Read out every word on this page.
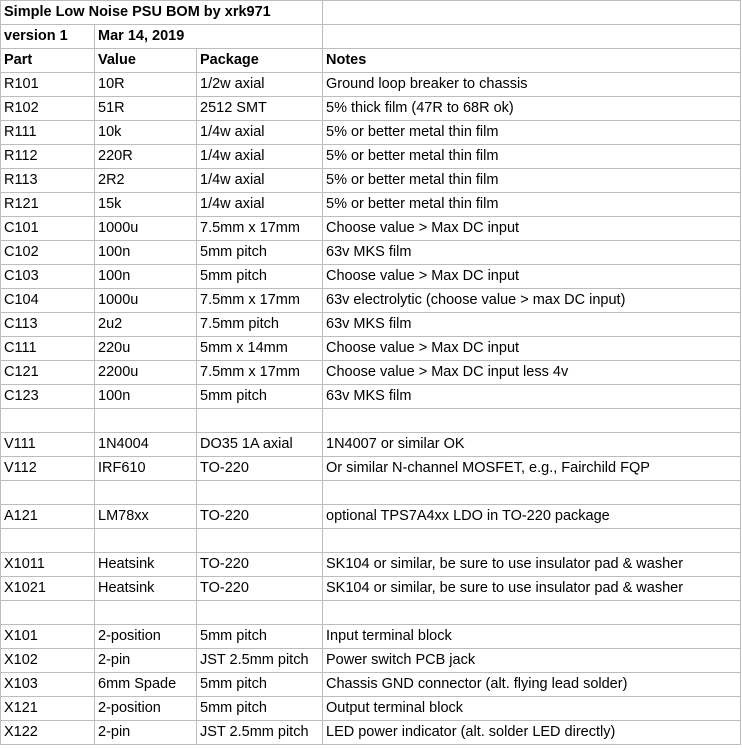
Simple Low Noise PSU BOM by xrk971			
version 1	Mar 14, 2019		
Part	Value	Package	Notes
R101	10R	1/2w axial	Ground loop breaker to chassis
R102	51R	2512 SMT	5% thick film (47R to 68R ok)
R111	10k	1/4w axial	5% or better metal thin film
R112	220R	1/4w axial	5% or better metal thin film
R113	2R2	1/4w axial	5% or better metal thin film
R121	15k	1/4w axial	5% or better metal thin film
C101	1000u	7.5mm x 17mm	Choose value > Max DC input
C102	100n	5mm pitch	63v MKS film
C103	100n	5mm pitch	Choose value > Max DC input
C104	1000u	7.5mm x 17mm	63v electrolytic (choose value > max DC input)
C113	2u2	7.5mm pitch	63v MKS film
C111	220u	5mm x 14mm	Choose value > Max DC input
C121	2200u	7.5mm x 17mm	Choose value > Max DC input less 4v
C123	100n	5mm pitch	63v MKS film

V111	1N4004	DO35 1A axial	1N4007 or similar OK
V112	IRF610	TO-220	Or similar N-channel MOSFET, e.g., Fairchild FQP

A121	LM78xx	TO-220	optional TPS7A4xx LDO in TO-220 package

X1011	Heatsink	TO-220	SK104 or similar, be sure to use insulator pad & washer
X1021	Heatsink	TO-220	SK104 or similar, be sure to use insulator pad & washer

X101	2-position	5mm pitch	Input terminal block
X102	2-pin	JST 2.5mm pitch	Power switch PCB jack
X103	6mm Spade	5mm pitch	Chassis GND connector (alt. flying lead solder)
X121	2-position	5mm pitch	Output terminal block
X122	2-pin	JST 2.5mm pitch	LED power indicator (alt. solder LED directly)
